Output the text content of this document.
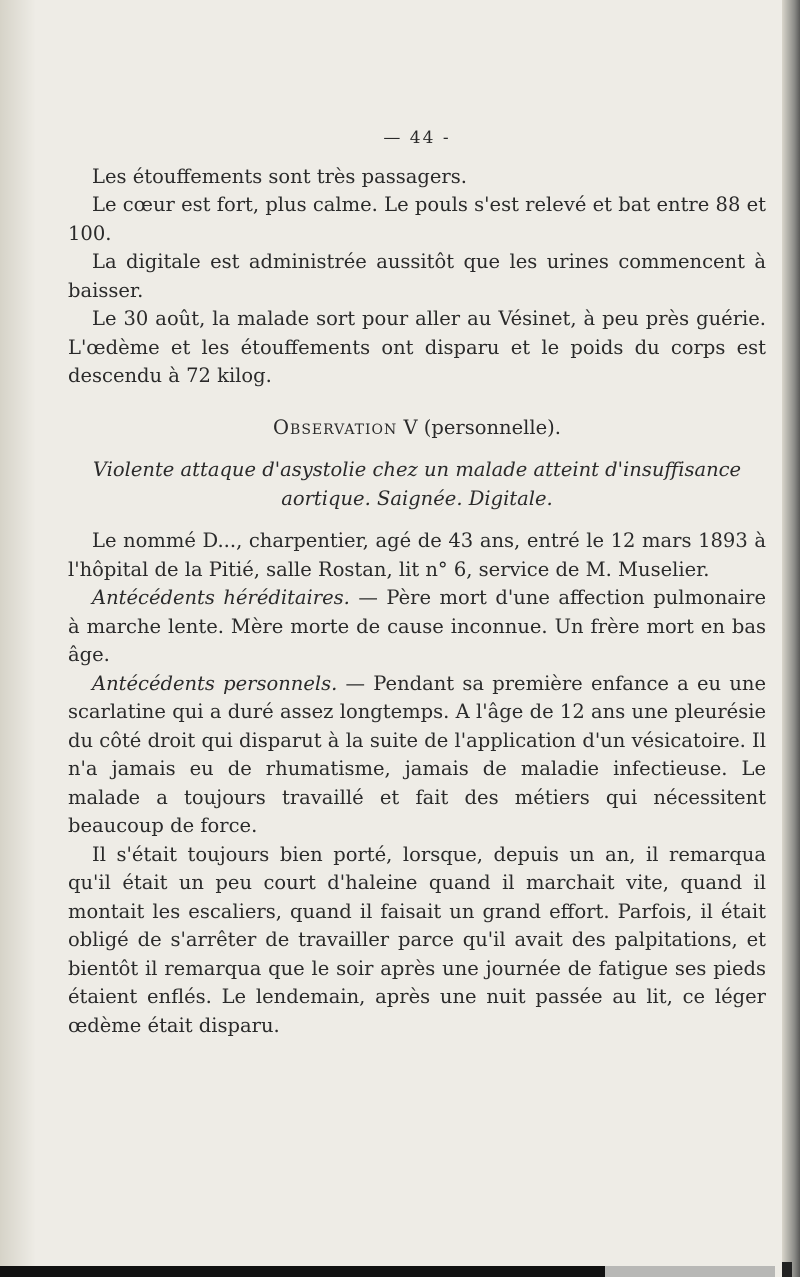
— 44 -

Les étouffements sont très passagers.

Le cœur est fort, plus calme. Le pouls s'est relevé et bat entre 88 et 100.

La digitale est administrée aussitôt que les urines commencent à baisser.

Le 30 août, la malade sort pour aller au Vésinet, à peu près guérie. L'œdème et les étouffements ont disparu et le poids du corps est descendu à 72 kilog.

Observation V (personnelle).

Violente attaque d'asystolie chez un malade atteint d'insuffisance aortique. Saignée. Digitale.

Le nommé D..., charpentier, agé de 43 ans, entré le 12 mars 1893 à l'hôpital de la Pitié, salle Rostan, lit n° 6, service de M. Muselier.

Antécédents héréditaires. — Père mort d'une affection pulmonaire à marche lente. Mère morte de cause inconnue. Un frère mort en bas âge.

Antécédents personnels. — Pendant sa première enfance a eu une scarlatine qui a duré assez longtemps. A l'âge de 12 ans une pleurésie du côté droit qui disparut à la suite de l'application d'un vésicatoire. Il n'a jamais eu de rhumatisme, jamais de maladie infectieuse. Le malade a toujours travaillé et fait des métiers qui nécessitent beaucoup de force.

Il s'était toujours bien porté, lorsque, depuis un an, il remarqua qu'il était un peu court d'haleine quand il marchait vite, quand il montait les escaliers, quand il faisait un grand effort. Parfois, il était obligé de s'arrêter de travailler parce qu'il avait des palpitations, et bientôt il remarqua que le soir après une journée de fatigue ses pieds étaient enflés. Le lendemain, après une nuit passée au lit, ce léger œdème était disparu.
